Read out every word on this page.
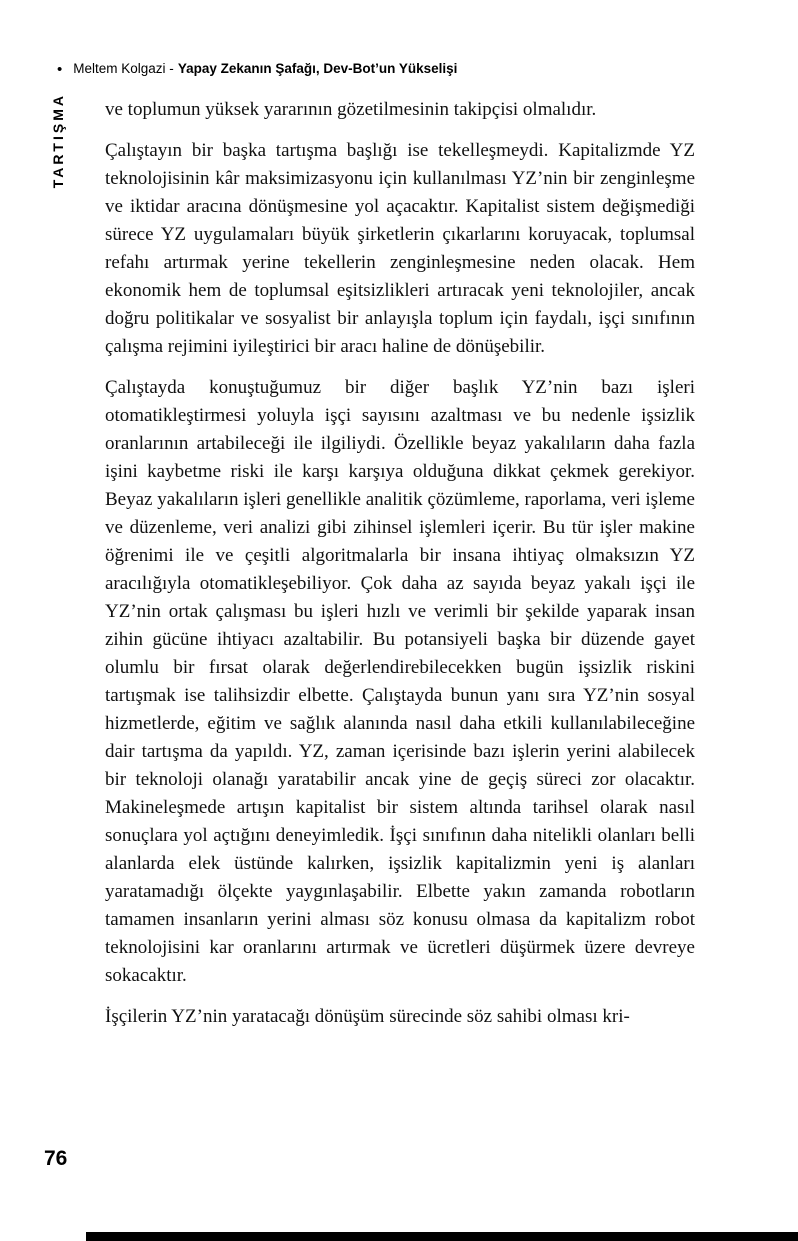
• Meltem Kolgazi - Yapay Zekanın Şafağı, Dev-Bot’un Yükselişi
TARTIŞMA ve toplumun yüksek yararının gözetilmesinin takipçisi olmalıdır.

Çalıştayın bir başka tartışma başlığı ise tekelleşmeydi. Kapitalizmde YZ teknolojisinin kâr maksimizasyonu için kullanılması YZ’nin bir zenginleşme ve iktidar aracına dönüşmesine yol açacaktır. Kapitalist sistem değişmediği sürece YZ uygulamaları büyük şirketlerin çıkarlarını koruyacak, toplumsal refahı artırmak yerine tekellerin zenginleşmesine neden olacak. Hem ekonomik hem de toplumsal eşitsizlikleri artıracak yeni teknolojiler, ancak doğru politikalar ve sosyalist bir anlayışla toplum için faydalı, işçi sınıfının çalışma rejimini iyileştirici bir aracı haline de dönüşebilir.

Çalıştayda konuştuğumuz bir diğer başlık YZ’nin bazı işleri otomatikleştirmesi yoluyla işçi sayısını azaltması ve bu nedenle işsizlik oranlarının artabileceği ile ilgiliydi. Özellikle beyaz yakalıların daha fazla işini kaybetme riski ile karşı karşıya olduğuna dikkat çekmek gerekiyor. Beyaz yakalıların işleri genellikle analitik çözümleme, raporlama, veri işleme ve düzenleme, veri analizi gibi zihinsel işlemleri içerir. Bu tür işler makine öğrenimi ile ve çeşitli algoritmalarla bir insana ihtiyaç olmaksızın YZ aracılığıyla otomatikleşebiliyor. Çok daha az sayıda beyaz yakalı işçi ile YZ’nin ortak çalışması bu işleri hızlı ve verimli bir şekilde yaparak insan zihin gücüne ihtiyacı azaltabilir. Bu potansiyeli başka bir düzende gayet olumlu bir fırsat olarak değerlendirebilecekken bugün işsizlik riskini tartışmak ise talihsizdir elbette. Çalıştayda bunun yanı sıra YZ’nin sosyal hizmetlerde, eğitim ve sağlık alanında nasıl daha etkili kullanılabileceğine dair tartışma da yapıldı. YZ, zaman içerisinde bazı işlerin yerini alabilecek bir teknoloji olanağı yaratabilir ancak yine de geçiş süreci zor olacaktır. Makineleşmede artışın kapitalist bir sistem altında tarihsel olarak nasıl sonuçlara yol açtığını deneyimledik. İşçi sınıfının daha nitelikli olanları belli alanlarda elek üstünde kalırken, işsizlik kapitalizmin yeni iş alanları yaratamadığı ölçekte yaygınlaşabilir. Elbette yakın zamanda robotların tamamen insanların yerini alması söz konusu olmasa da kapitalizm robot teknolojisini kar oranlarını artırmak ve ücretleri düşürmek üzere devreye sokacaktır.

İşçilerin YZ’nin yaratacağı dönüşüm sürecinde söz sahibi olması kri-

76
